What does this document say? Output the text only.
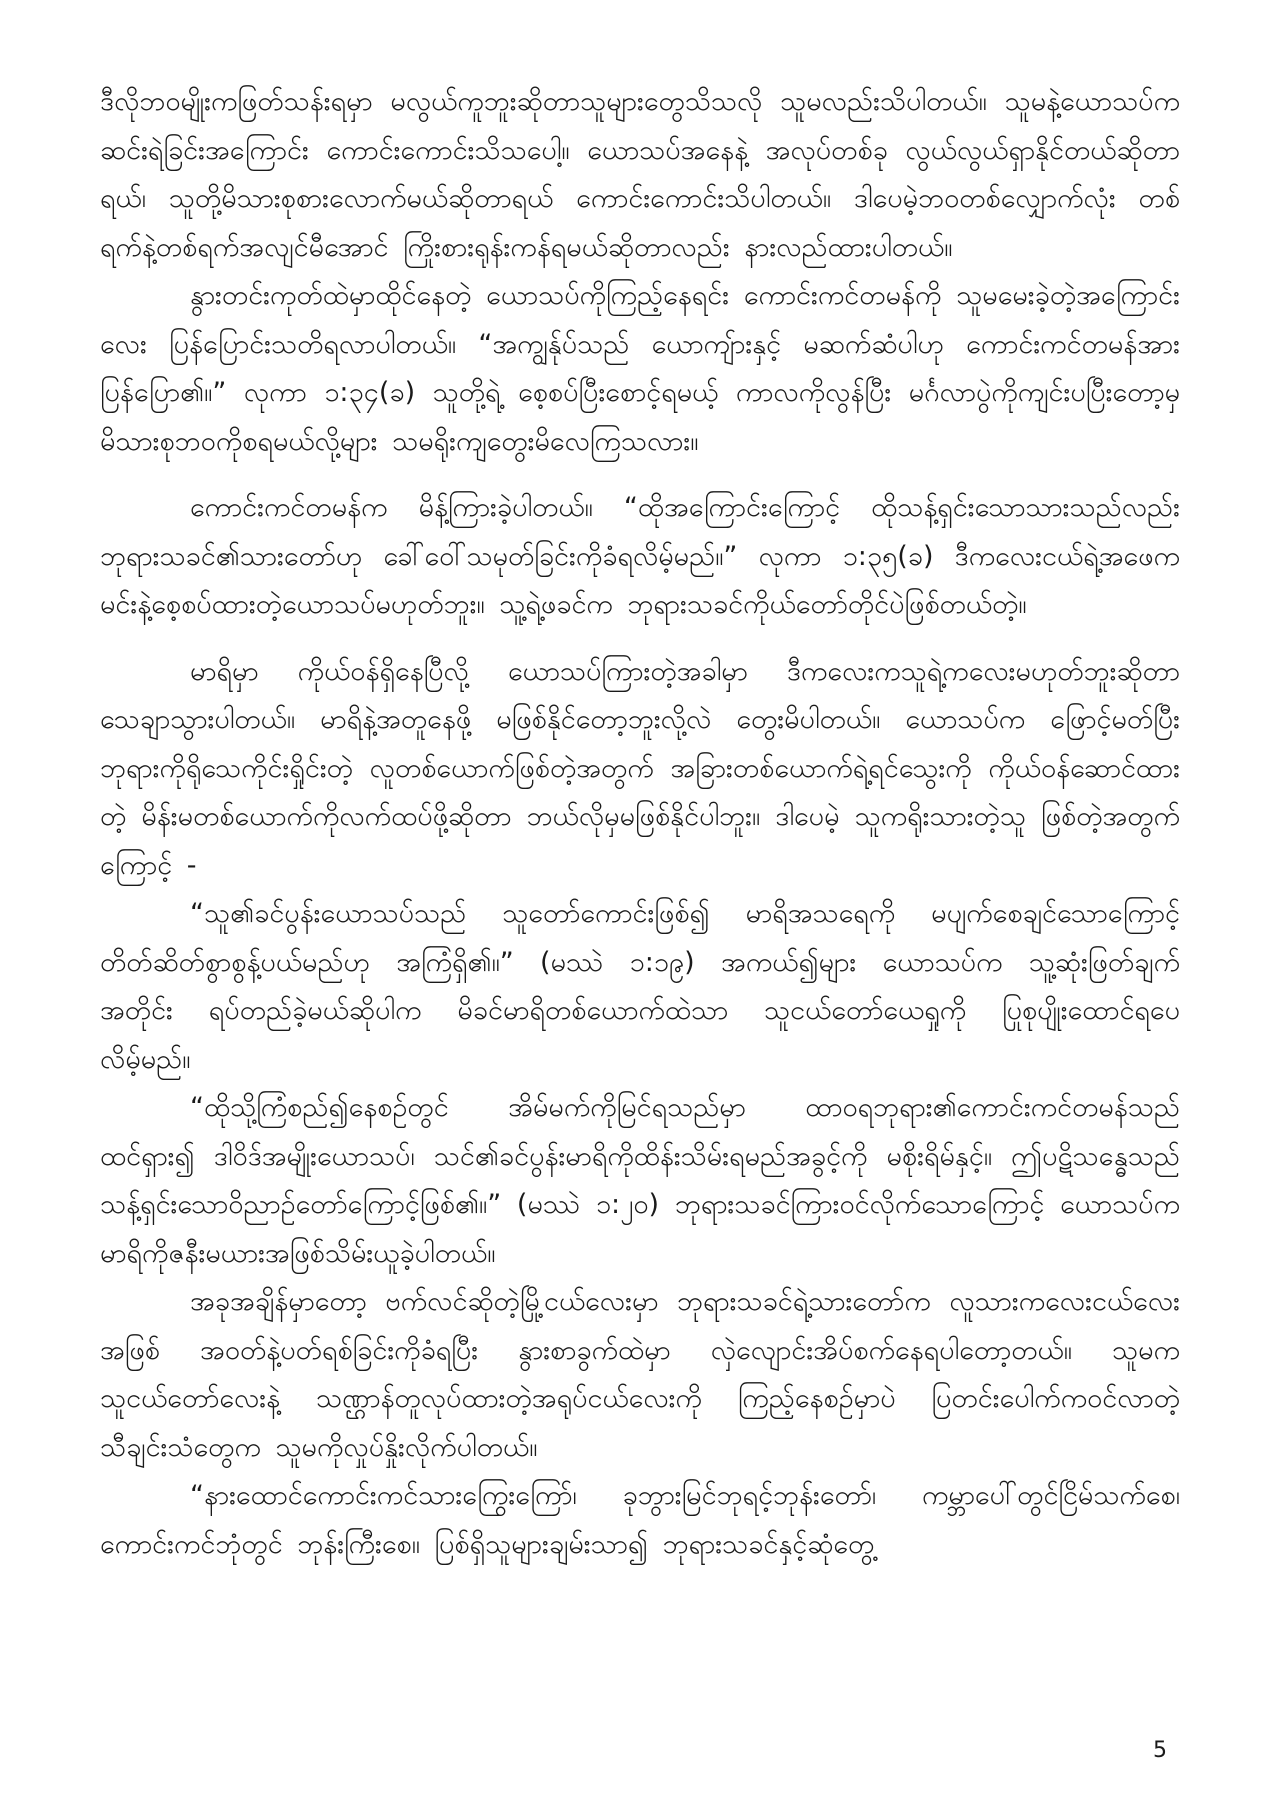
ဒီလိုဘဝမျိုးကဖြတ်သန်းရမှာ မလွယ်ကူဘူးဆိုတာသူများတွေသိသလို သူမလည်းသိပါတယ်။ သူမနဲ့ယောသပ်က ဆင်းရဲခြင်းအကြောင်း ကောင်းကောင်းသိသပေါ့။ ယောသပ်အနေနဲ့ အလုပ်တစ်ခု လွယ်လွယ်ရှာနိုင်တယ်ဆိုတာရယ်၊ သူတို့မိသားစုစားလောက်မယ်ဆိုတာရယ် ကောင်းကောင်းသိပါတယ်။ ဒါပေမဲ့ဘဝတစ်လျှောက်လုံး တစ်ရက်နဲ့တစ်ရက်အလျင်မီအောင် ကြိုးစားရုန်းကန်ရမယ်ဆိုတာလည်း နားလည်ထားပါတယ်။

နွားတင်းကုတ်ထဲမှာထိုင်နေတဲ့ ယောသပ်ကိုကြည့်နေရင်း ကောင်းကင်တမန်ကို သူမမေးခဲ့တဲ့အကြောင်းလေး ပြန်ပြောင်းသတိရလာပါတယ်။ “အကျွန်ုပ်သည် ယောကျ်ားနှင့် မဆက်ဆံပါဟု ကောင်းကင်တမန်အားပြန်ပြော၏။” လုကာ ၁:၃၄(ခ) သူတို့ရဲ့ စေ့စပ်ပြီးစောင့်ရမယ့် ကာလကိုလွန်ပြီး မင်္ဂလာပွဲကိုကျင်းပပြီးတော့မှ မိသားစုဘဝကိုစရမယ်လို့များ သမရိုးကျတွေးမိလေကြသလား။

ကောင်းကင်တမန်က မိန့်ကြားခဲ့ပါတယ်။ “ထိုအကြောင်းကြောင့် ထိုသန့်ရှင်းသောသားသည်လည်း ဘုရားသခင်၏သားတော်ဟု ခေါ်ဝေါ်သမုတ်ခြင်းကိုခံရလိမ့်မည်။” လုကာ ၁:၃၅(ခ) ဒီကလေးငယ်ရဲ့အဖေက မင်းနဲ့စေ့စပ်ထားတဲ့ယောသပ်မဟုတ်ဘူး။ သူ့ရဲ့ဖခင်က ဘုရားသခင်ကိုယ်တော်တိုင်ပဲဖြစ်တယ်တဲ့။

မာရိမှာ ကိုယ်ဝန်ရှိနေပြီလို့ ယောသပ်ကြားတဲ့အခါမှာ ဒီကလေးကသူရဲ့ကလေးမဟုတ်ဘူးဆိုတာ သေချာသွားပါတယ်။ မာရိနဲ့အတူနေဖို့ မဖြစ်နိုင်တော့ဘူးလို့လဲ တွေးမိပါတယ်။ ယောသပ်က ဖြောင့်မတ်ပြီး ဘုရားကိုရိုသေကိုင်းရှိုင်းတဲ့ လူတစ်ယောက်ဖြစ်တဲ့အတွက် အခြားတစ်ယောက်ရဲ့ရင်သွေးကို ကိုယ်ဝန်ဆောင်ထားတဲ့ မိန်းမတစ်ယောက်ကိုလက်ထပ်ဖို့ဆိုတာ ဘယ်လိုမှမဖြစ်နိုင်ပါဘူး။ ဒါပေမဲ့ သူကရိုးသားတဲ့သူ ဖြစ်တဲ့အတွက်ကြောင့် -

“သူ၏ခင်ပွန်းယောသပ်သည် သူတော်ကောင်းဖြစ်၍ မာရိအသရေကို မပျက်စေချင်သောကြောင့် တိတ်ဆိတ်စွာစွန့်ပယ်မည်ဟု အကြံရှိ၏။” (မဿဲ ၁:၁၉) အကယ်၍များ ယောသပ်က သူ့ဆုံးဖြတ်ချက်အတိုင်း ရပ်တည်ခဲ့မယ်ဆိုပါက မိခင်မာရိတစ်ယောက်ထဲသာ သူငယ်တော်ယေရှုကို ပြုစုပျိုးထောင်ရပေလိမ့်မည်။

“ထိုသို့ကြံစည်၍နေစဉ်တွင် အိမ်မက်ကိုမြင်ရသည်မှာ ထာဝရဘုရား၏ကောင်းကင်တမန်သည် ထင်ရှား၍ ဒါဝိဒ်အမျိုးယောသပ်၊ သင်၏ခင်ပွန်းမာရိကိုထိန်းသိမ်းရမည်အခွင့်ကို မစိုးရိမ်နှင့်။ ဤပဋိသန္ဓေသည် သန့်ရှင်းသောဝိညာဉ်တော်ကြောင့်ဖြစ်၏။” (မဿဲ ၁:၂၀) ဘုရားသခင်ကြားဝင်လိုက်သောကြောင့် ယောသပ်က မာရိကိုဇနီးမယားအဖြစ်သိမ်းယူခဲ့ပါတယ်။

အခုအချိန်မှာတော့ ဗက်လင်ဆိုတဲ့မြို့ငယ်လေးမှာ ဘုရားသခင်ရဲ့သားတော်က လူသားကလေးငယ်လေးအဖြစ် အဝတ်နဲ့ပတ်ရစ်ခြင်းကိုခံရပြီး နွားစာခွက်ထဲမှာ လှဲလျောင်းအိပ်စက်နေရပါတော့တယ်။ သူမက သူငယ်တော်လေးနဲ့ သဏ္ဌာန်တူလုပ်ထားတဲ့အရုပ်ငယ်လေးကို ကြည့်နေစဉ်မှာပဲ ပြတင်းပေါက်ကဝင်လာတဲ့ သီချင်းသံတွေက သူမကိုလှုပ်နှိုးလိုက်ပါတယ်။

“နားထောင်ကောင်းကင်သားကြွေးကြော်၊ ခုဘွားမြင်ဘုရင့်ဘုန်းတော်၊ ကမ္ဘာပေါ်တွင်ငြိမ်သက်စေ၊ ကောင်းကင်ဘုံတွင် ဘုန်းကြီးစေ။ ပြစ်ရှိသူများချမ်းသာ၍ ဘုရားသခင်နှင့်ဆုံတွေ့

5
